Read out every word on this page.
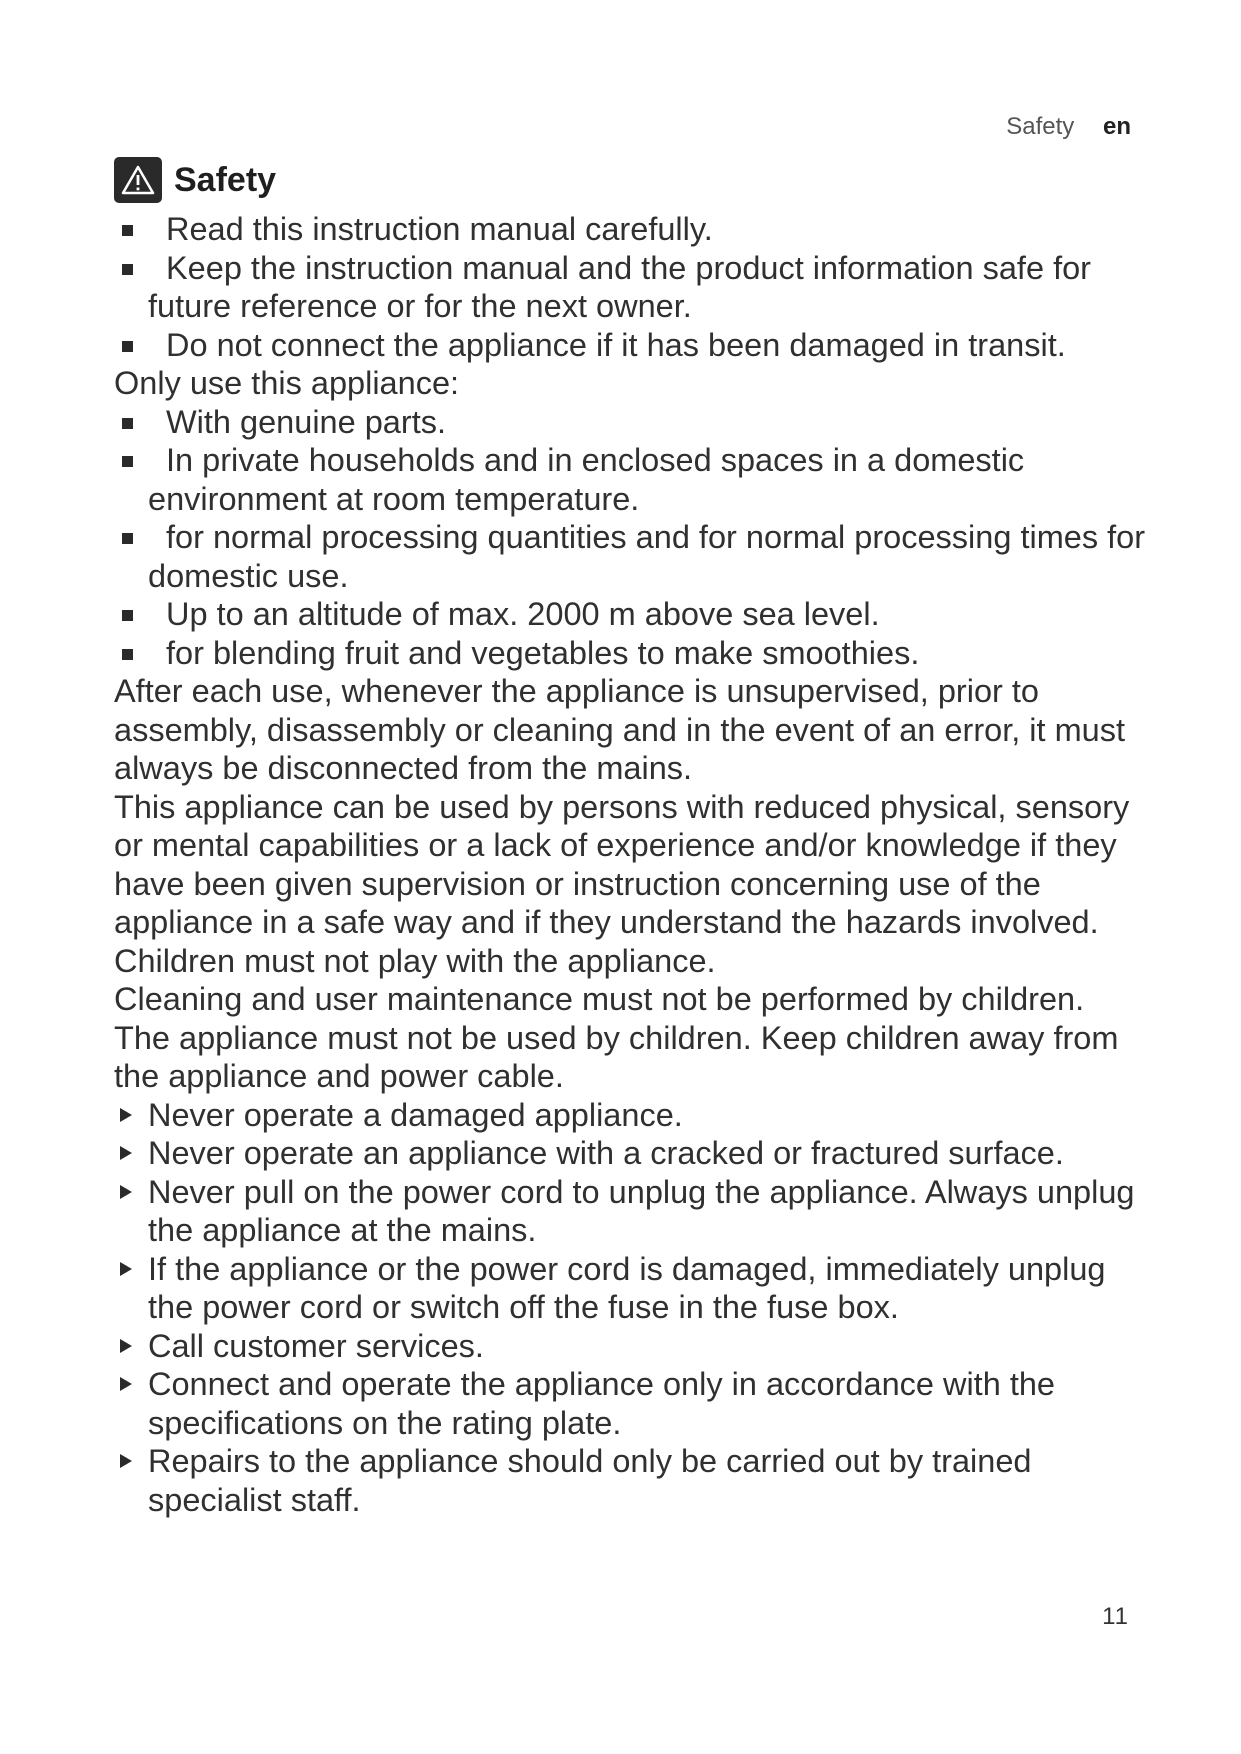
Safety en
Safety
Read this instruction manual carefully.
Keep the instruction manual and the product information safe for future reference or for the next owner.
Do not connect the appliance if it has been damaged in transit.

Only use this appliance:

With genuine parts.
In private households and in enclosed spaces in a domestic environment at room temperature.
for normal processing quantities and for normal processing times for domestic use.
Up to an altitude of max. 2000 m above sea level.
for blending fruit and vegetables to make smoothies.

After each use, whenever the appliance is unsupervised, prior to assembly, disassembly or cleaning and in the event of an error, it must always be disconnected from the mains.

This appliance can be used by persons with reduced physical, sensory or mental capabilities or a lack of experience and/or knowledge if they have been given supervision or instruction concerning use of the appliance in a safe way and if they understand the hazards involved.

Children must not play with the appliance.

Cleaning and user maintenance must not be performed by children.

The appliance must not be used by children. Keep children away from the appliance and power cable.

Never operate a damaged appliance.
Never operate an appliance with a cracked or fractured surface.
Never pull on the power cord to unplug the appliance. Always unplug the appliance at the mains.
If the appliance or the power cord is damaged, immediately unplug the power cord or switch off the fuse in the fuse box.
Call customer services.
Connect and operate the appliance only in accordance with the specifications on the rating plate.
Repairs to the appliance should only be carried out by trained specialist staff.
11
